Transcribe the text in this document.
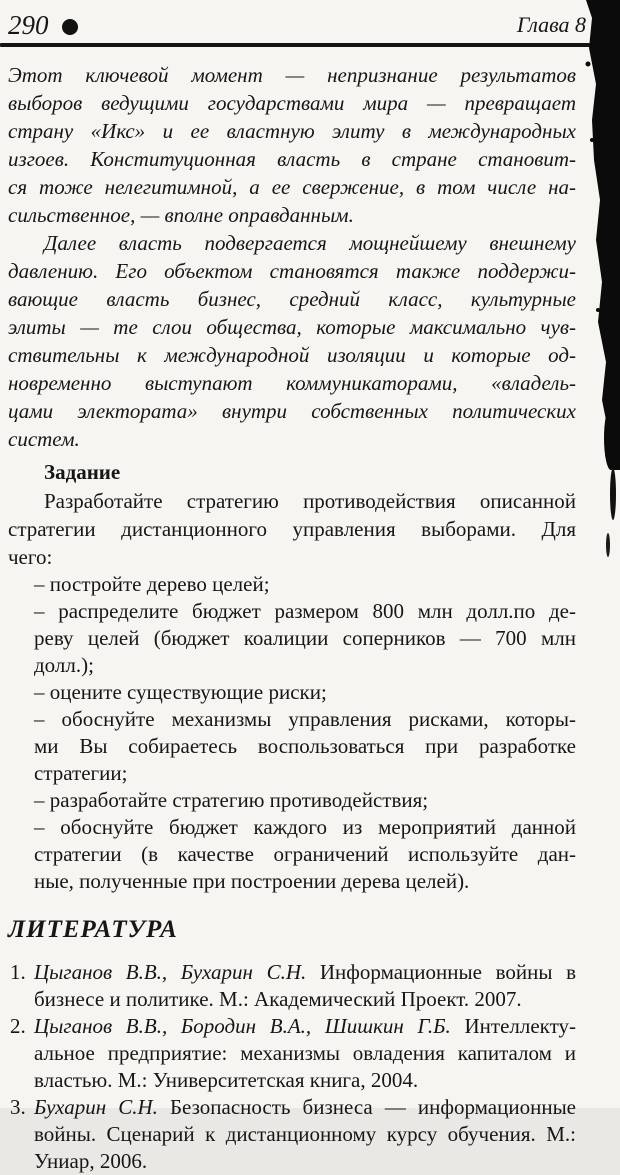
290	Глава 8
Этот ключевой момент — непризнание результатов
выборов ведущими государствами мира — превращает
страну «Икс» и ее властную элиту в международных
изгоев. Конституционная власть в стране становит-
ся тоже нелегитимной, а ее свержение, в том числе на-
сильственное, — вполне оправданным.
Далее власть подвергается мощнейшему внешнему
давлению. Его объектом становятся также поддержи-
вающие власть бизнес, средний класс, культурные
элиты — те слои общества, которые максимально чув-
ствительны к международной изоляции и которые од-
новременно выступают коммуникаторами, «владель-
цами электората» внутри собственных политических
систем.
Задание
Разработайте стратегию противодействия описанной
стратегии дистанционного управления выборами. Для
чего:
– постройте дерево целей;
– распределите бюджет размером 800 млн долл.по де-
реву целей (бюджет коалиции соперников — 700 млн
долл.);
– оцените существующие риски;
– обоснуйте механизмы управления рисками, которы-
ми Вы собираетесь воспользоваться при разработке
стратегии;
– разработайте стратегию противодействия;
– обоснуйте бюджет каждого из мероприятий данной
стратегии (в качестве ограничений используйте дан-
ные, полученные при построении дерева целей).
ЛИТЕРАТУРА
1. Цыганов В.В., Бухарин С.Н. Информационные войны в
бизнесе и политике. М.: Академический Проект. 2007.
2. Цыганов В.В., Бородин В.А., Шишкин Г.Б. Интеллекту-
альное предприятие: механизмы овладения капиталом и
властью. М.: Университетская книга, 2004.
3. Бухарин С.Н. Безопасность бизнеса — информационные
войны. Сценарий к дистанционному курсу обучения. М.:
Униар, 2006.
